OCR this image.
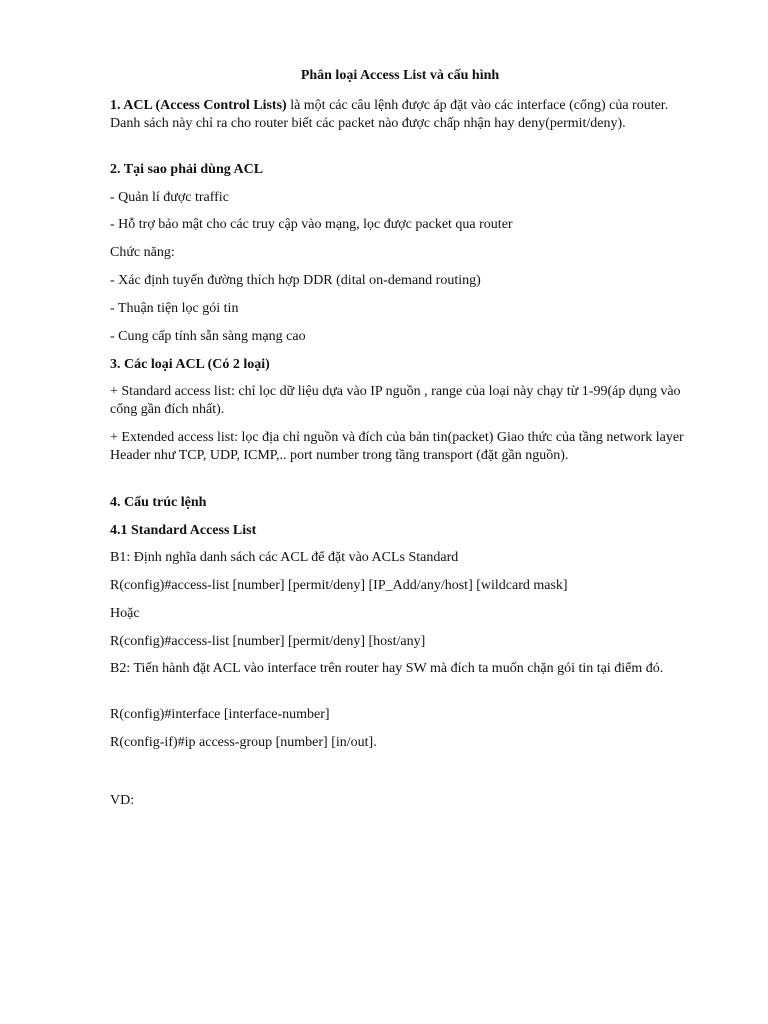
Phân loại Access List và cấu hình

1. ACL (Access Control Lists) là một các câu lệnh được áp đặt vào các interface (cổng) của router. Danh sách này chỉ ra cho router biết các packet nào được chấp nhận hay deny(permit/deny).

2. Tại sao phải dùng ACL

- Quản lí được traffic

- Hỗ trợ bảo mật cho các truy cập vào mạng, lọc được packet qua router

Chức năng:

- Xác định tuyến đường thích hợp DDR (dital on-demand routing)

- Thuận tiện lọc gói tin

- Cung cấp tính sẵn sàng mạng cao

3. Các loại ACL (Có 2 loại)

+ Standard access list: chỉ lọc dữ liệu dựa vào IP nguồn , range của loại này chạy từ 1-99(áp dụng vào cổng gần đích nhất).

+ Extended access list: lọc địa chỉ nguồn và đích của bản tin(packet) Giao thức của tầng network layer Header như TCP, UDP, ICMP,.. port number trong tầng transport (đặt gần nguồn).

4. Cấu trúc lệnh

4.1 Standard Access List

B1: Định nghĩa danh sách các ACL để đặt vào ACLs Standard

R(config)#access-list [number] [permit/deny] [IP_Add/any/host] [wildcard mask]

Hoặc

R(config)#access-list [number] [permit/deny] [host/any]

B2: Tiến hành đặt ACL vào interface trên router hay SW mà đích ta muốn chặn gói tin tại điểm đó.

R(config)#interface [interface-number]

R(config-if)#ip access-group [number] [in/out].

VD:
